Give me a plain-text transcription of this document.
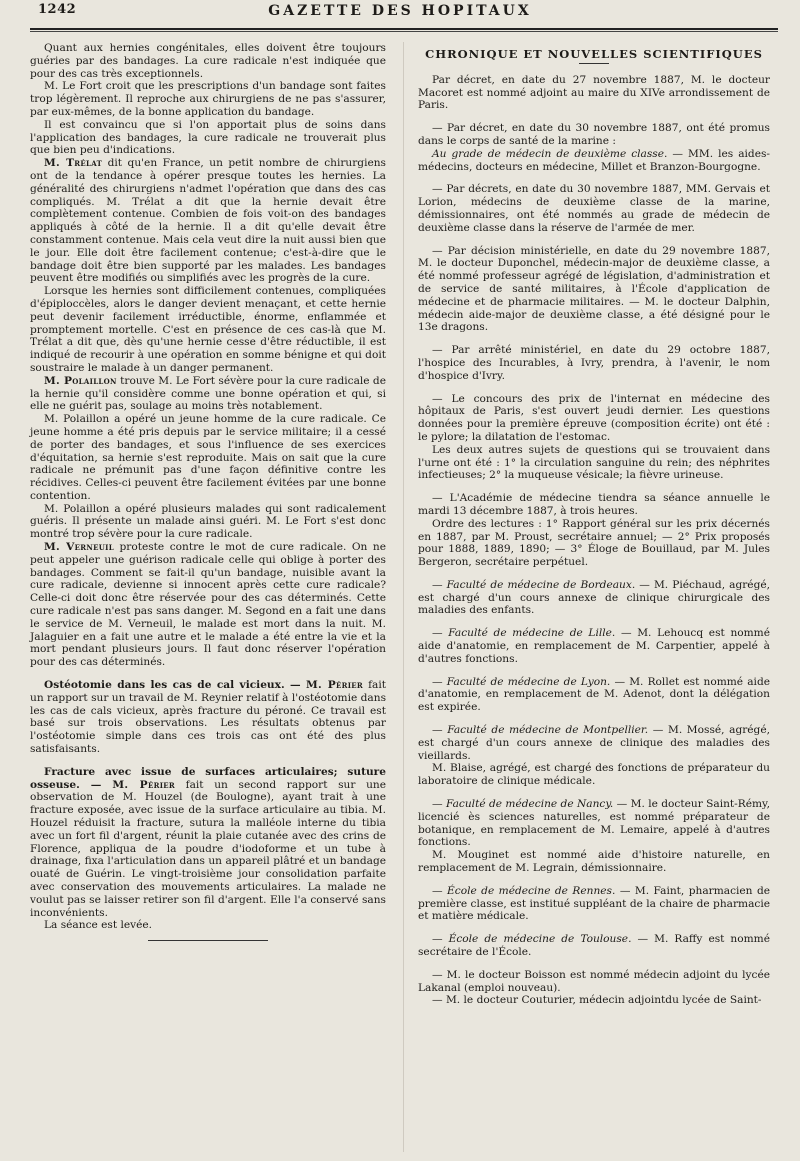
1242	GAZETTE DES HOPITAUX

Quant aux hernies congénitales, elles doivent être toujours guéries par des bandages. La cure radicale n'est indiquée que pour des cas très exceptionnels.

M. Le Fort croit que les prescriptions d'un bandage sont faites trop légèrement. Il reproche aux chirurgiens de ne pas s'assurer, par eux-mêmes, de la bonne application du bandage.

Il est convaincu que si l'on apportait plus de soins dans l'application des bandages, la cure radicale ne trouverait plus que bien peu d'indications.

M. Trélat dit qu'en France, un petit nombre de chirurgiens ont de la tendance à opérer presque toutes les hernies. La généralité des chirurgiens n'admet l'opération que dans des cas compliqués. M. Trélat a dit que la hernie devait être complètement contenue. Combien de fois voit-on des bandages appliqués à côté de la hernie. Il a dit qu'elle devait être constamment contenue. Mais cela veut dire la nuit aussi bien que le jour. Elle doit être facilement contenue; c'est-à-dire que le bandage doit être bien supporté par les malades. Les bandages peuvent être modifiés ou simplifiés avec les progrès de la cure.

Lorsque les hernies sont difficilement contenues, compliquées d'épiploccèles, alors le danger devient menaçant, et cette hernie peut devenir facilement irréductible, énorme, enflammée et promptement mortelle. C'est en présence de ces cas-là que M. Trélat a dit que, dès qu'une hernie cesse d'être réductible, il est indiqué de recourir à une opération en somme bénigne et qui doit soustraire le malade à un danger permanent.

M. Polaillon trouve M. Le Fort sévère pour la cure radicale de la hernie qu'il considère comme une bonne opération et qui, si elle ne guérit pas, soulage au moins très notablement.

M. Polaillon a opéré un jeune homme de la cure radicale. Ce jeune homme a été pris depuis par le service militaire; il a cessé de porter des bandages, et sous l'influence de ses exercices d'équitation, sa hernie s'est reproduite. Mais on sait que la cure radicale ne prémunit pas d'une façon définitive contre les récidives. Celles-ci peuvent être facilement évitées par une bonne contention.

M. Polaillon a opéré plusieurs malades qui sont radicalement guéris. Il présente un malade ainsi guéri. M. Le Fort s'est donc montré trop sévère pour la cure radicale.

M. Verneuil proteste contre le mot de cure radicale. On ne peut appeler une guérison radicale celle qui oblige à porter des bandages. Comment se fait-il qu'un bandage, nuisible avant la cure radicale, devienne si innocent après cette cure radicale? Celle-ci doit donc être réservée pour des cas déterminés. Cette cure radicale n'est pas sans danger. M. Segond en a fait une dans le service de M. Verneuil, le malade est mort dans la nuit. M. Jalaguier en a fait une autre et le malade a été entre la vie et la mort pendant plusieurs jours. Il faut donc réserver l'opération pour des cas déterminés.

Ostéotomie dans les cas de cal vicieux. — M. Périer fait un rapport sur un travail de M. Reynier relatif à l'ostéotomie dans les cas de cals vicieux, après fracture du péroné. Ce travail est basé sur trois observations. Les résultats obtenus par l'ostéotomie simple dans ces trois cas ont été des plus satisfaisants.

Fracture avec issue de surfaces articulaires; suture osseuse. — M. Périer fait un second rapport sur une observation de M. Houzel (de Boulogne), ayant trait à une fracture exposée, avec issue de la surface articulaire au tibia. M. Houzel réduisit la fracture, sutura la malléole interne du tibia avec un fort fil d'argent, réunit la plaie cutanée avec des crins de Florence, appliqua de la poudre d'iodoforme et un tube à drainage, fixa l'articulation dans un appareil plâtré et un bandage ouaté de Guérin. Le vingt-troisième jour consolidation parfaite avec conservation des mouvements articulaires. La malade ne voulut pas se laisser retirer son fil d'argent. Elle l'a conservé sans inconvénients.

La séance est levée.

CHRONIQUE ET NOUVELLES SCIENTIFIQUES

Par décret, en date du 27 novembre 1887, M. le docteur Macoret est nommé adjoint au maire du XIVe arrondissement de Paris.

— Par décret, en date du 30 novembre 1887, ont été promus dans le corps de santé de la marine :

Au grade de médecin de deuxième classe. — MM. les aides-médecins, docteurs en médecine, Millet et Branzon-Bourgogne.

— Par décrets, en date du 30 novembre 1887, MM. Gervais et Lorion, médecins de deuxième classe de la marine, démissionnaires, ont été nommés au grade de médecin de deuxième classe dans la réserve de l'armée de mer.

— Par décision ministérielle, en date du 29 novembre 1887, M. le docteur Duponchel, médecin-major de deuxième classe, a été nommé professeur agrégé de législation, d'administration et de service de santé militaires, à l'École d'application de médecine et de pharmacie militaires. — M. le docteur Dalphin, médecin aide-major de deuxième classe, a été désigné pour le 13e dragons.

— Par arrêté ministériel, en date du 29 octobre 1887, l'hospice des Incurables, à Ivry, prendra, à l'avenir, le nom d'hospice d'Ivry.

— Le concours des prix de l'internat en médecine des hôpitaux de Paris, s'est ouvert jeudi dernier. Les questions données pour la première épreuve (composition écrite) ont été : le pylore; la dilatation de l'estomac.

Les deux autres sujets de questions qui se trouvaient dans l'urne ont été : 1° la circulation sanguine du rein; des néphrites infectieuses; 2° la muqueuse vésicale; la fièvre urineuse.

— L'Académie de médecine tiendra sa séance annuelle le mardi 13 décembre 1887, à trois heures.

Ordre des lectures : 1° Rapport général sur les prix décernés en 1887, par M. Proust, secrétaire annuel; — 2° Prix proposés pour 1888, 1889, 1890; — 3° Éloge de Bouillaud, par M. Jules Bergeron, secrétaire perpétuel.

— Faculté de médecine de Bordeaux. — M. Piéchaud, agrégé, est chargé d'un cours annexe de clinique chirurgicale des maladies des enfants.

— Faculté de médecine de Lille. — M. Lehoucq est nommé aide d'anatomie, en remplacement de M. Carpentier, appelé à d'autres fonctions.

— Faculté de médecine de Lyon. — M. Rollet est nommé aide d'anatomie, en remplacement de M. Adenot, dont la délégation est expirée.

— Faculté de médecine de Montpellier. — M. Mossé, agrégé, est chargé d'un cours annexe de clinique des maladies des vieillards.

M. Blaise, agrégé, est chargé des fonctions de préparateur du laboratoire de clinique médicale.

— Faculté de médecine de Nancy. — M. le docteur Saint-Rémy, licencié ès sciences naturelles, est nommé préparateur de botanique, en remplacement de M. Lemaire, appelé à d'autres fonctions.

M. Mouginet est nommé aide d'histoire naturelle, en remplacement de M. Legrain, démissionnaire.

— École de médecine de Rennes. — M. Faint, pharmacien de première classe, est institué suppléant de la chaire de pharmacie et matière médicale.

— École de médecine de Toulouse. — M. Raffy est nommé secrétaire de l'École.

— M. le docteur Boisson est nommé médecin adjoint du lycée Lakanal (emploi nouveau).

— M. le docteur Couturier, médecin adjointdu lycée de Saint-
